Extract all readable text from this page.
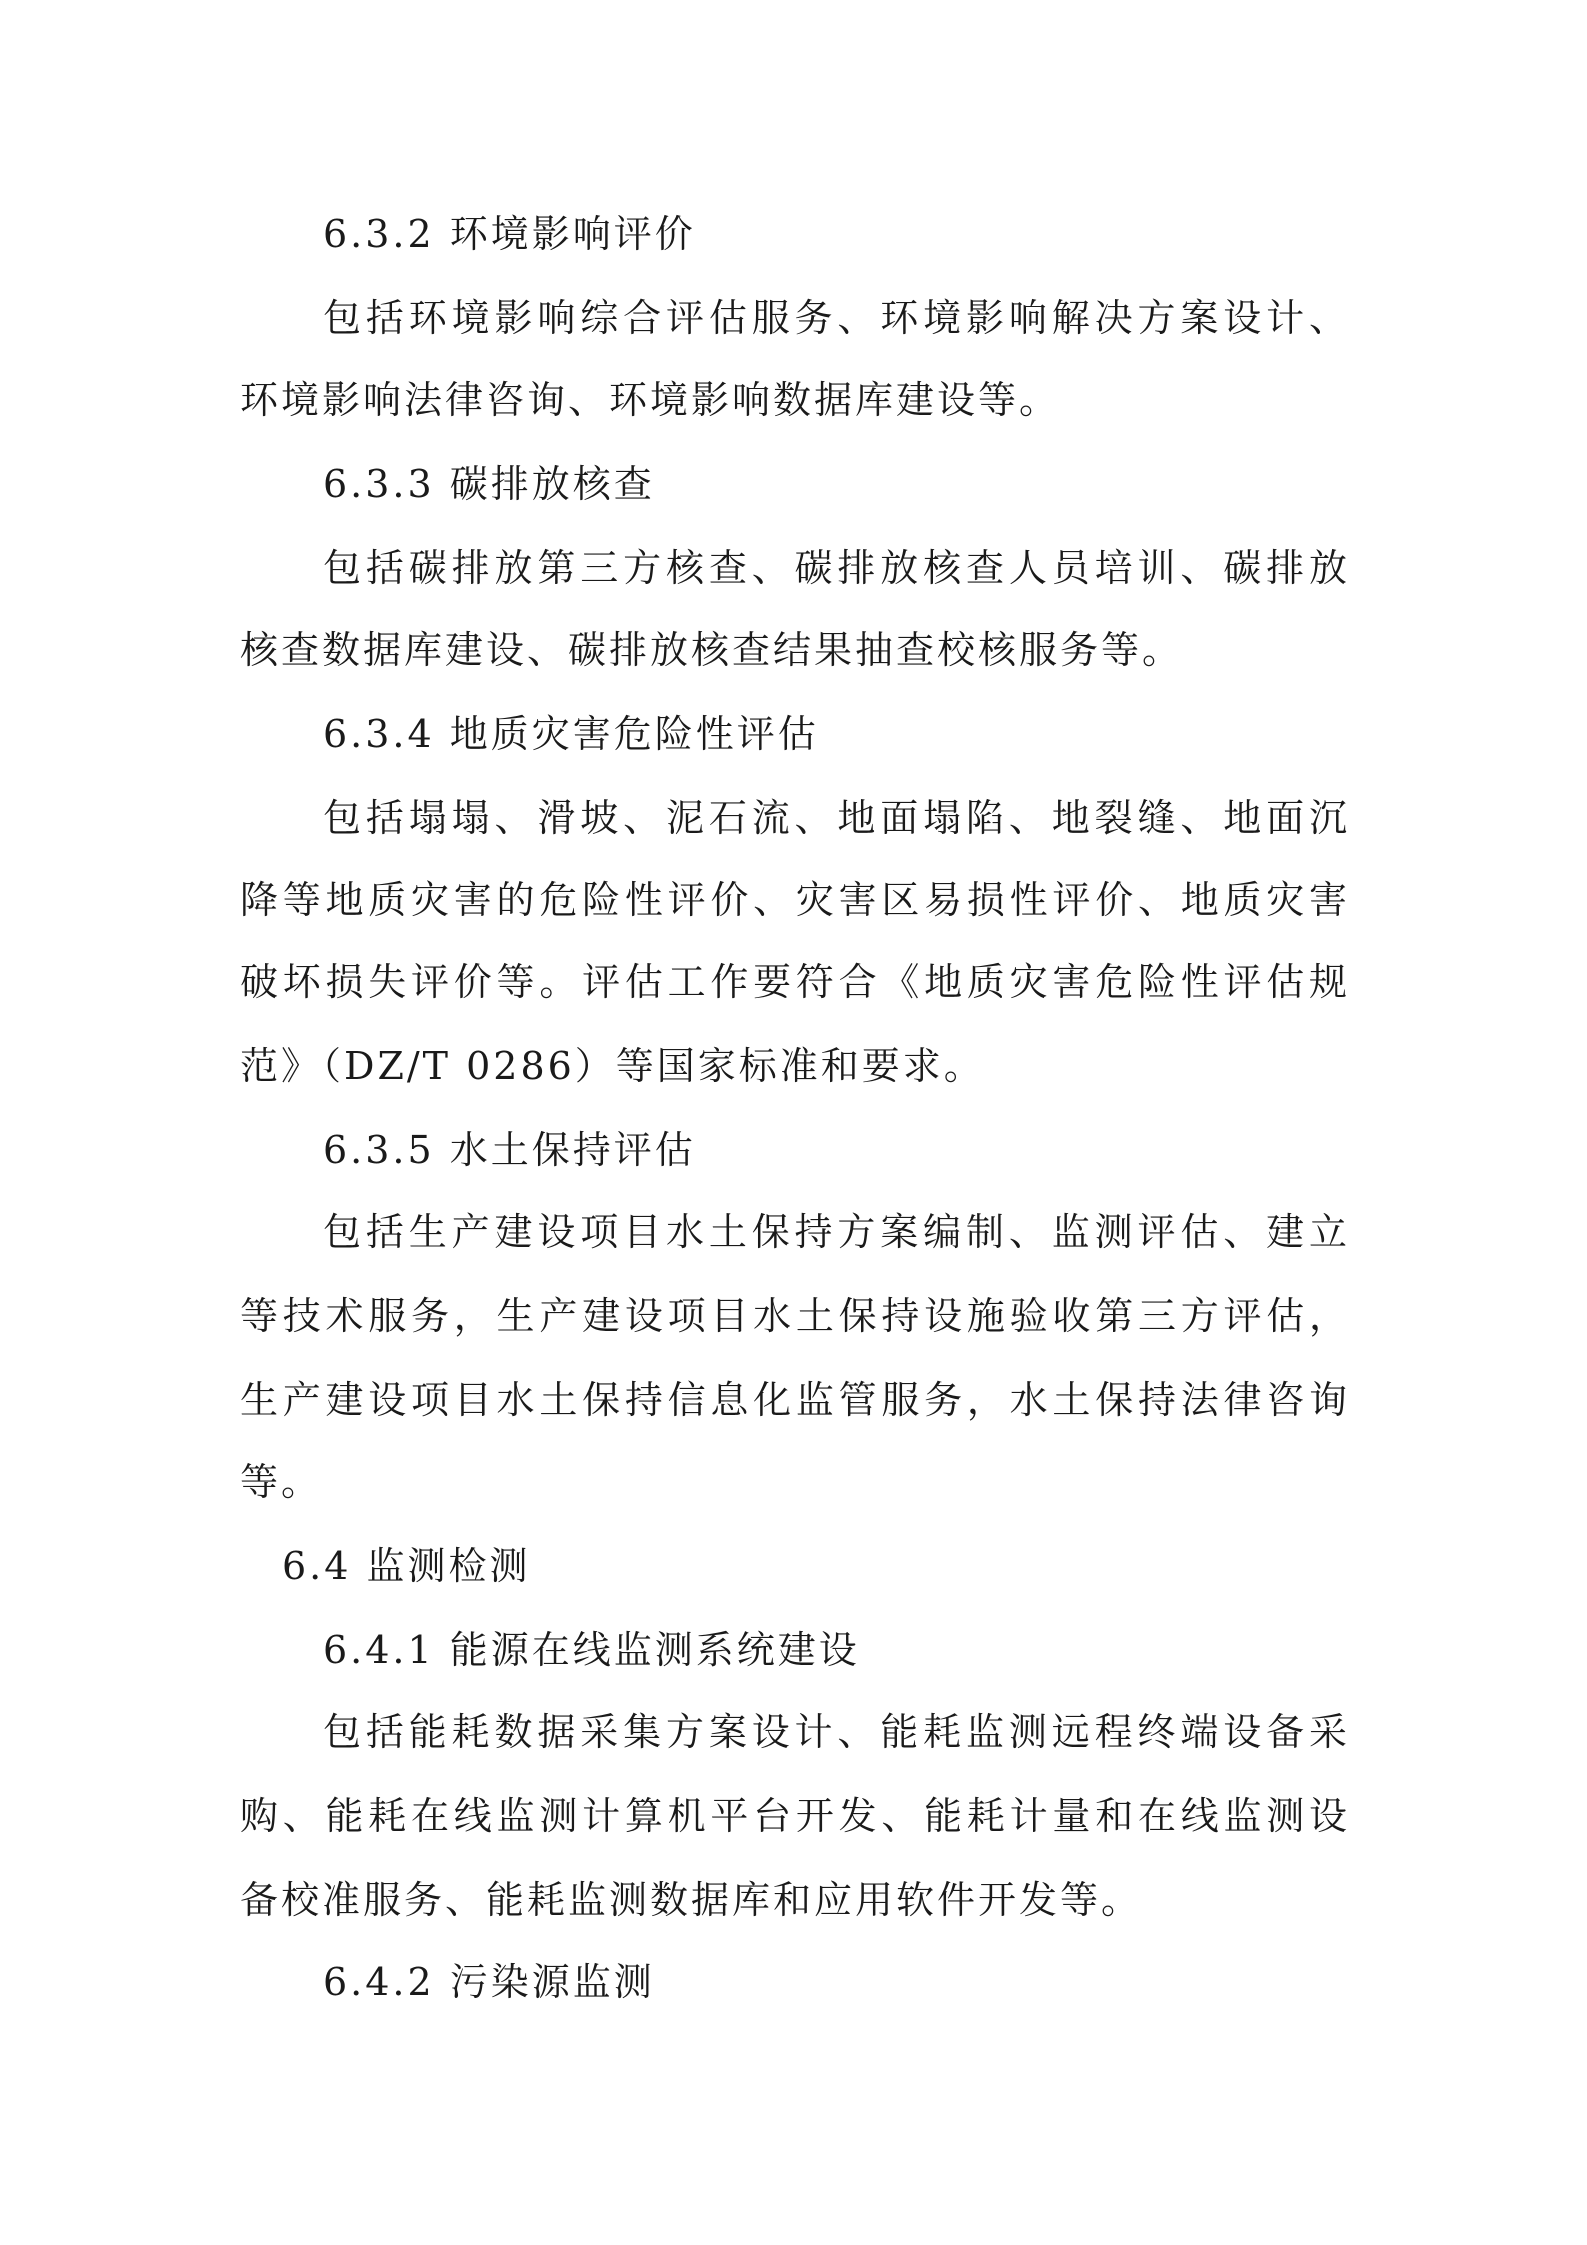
6.3.2 环境影响评价
包括环境影响综合评估服务、环境影响解决方案设计、
环境影响法律咨询、环境影响数据库建设等。
6.3.3 碳排放核查
包括碳排放第三方核查、碳排放核查人员培训、碳排放
核查数据库建设、碳排放核查结果抽查校核服务等。
6.3.4 地质灾害危险性评估
包括塌塌、滑坡、泥石流、地面塌陷、地裂缝、地面沉
降等地质灾害的危险性评价、灾害区易损性评价、地质灾害
破坏损失评价等。评估工作要符合《地质灾害危险性评估规
范》（DZ/T 0286）等国家标准和要求。
6.3.5 水土保持评估
包括生产建设项目水土保持方案编制、监测评估、建立
等技术服务，生产建设项目水土保持设施验收第三方评估，
生产建设项目水土保持信息化监管服务，水土保持法律咨询
等。
6.4 监测检测
6.4.1 能源在线监测系统建设
包括能耗数据采集方案设计、能耗监测远程终端设备采
购、能耗在线监测计算机平台开发、能耗计量和在线监测设
备校准服务、能耗监测数据库和应用软件开发等。
6.4.2 污染源监测
